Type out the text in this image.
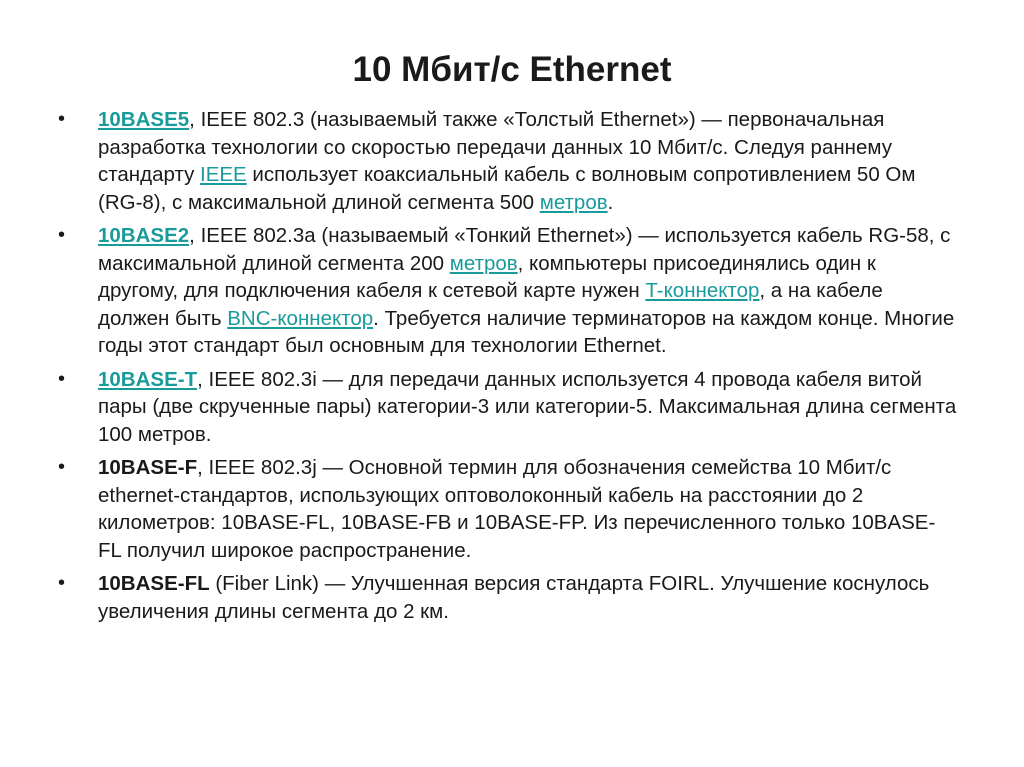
10 Мбит/с Ethernet
•	10BASE5, IEEE 802.3 (называемый также «Толстый Ethernet») — первоначальная разработка технологии со скоростью передачи данных 10 Мбит/с. Следуя раннему стандарту IEEE использует коаксиальный кабель с волновым сопротивлением 50 Ом (RG-8), с максимальной длиной сегмента 500 метров.
•	10BASE2, IEEE 802.3a (называемый «Тонкий Ethernet») — используется кабель RG-58, с максимальной длиной сегмента 200 метров, компьютеры присоединялись один к другому, для подключения кабеля к сетевой карте нужен T-коннектор, а на кабеле должен быть BNC-коннектор. Требуется наличие терминаторов на каждом конце. Многие годы этот стандарт был основным для технологии Ethernet.
•	10BASE-T, IEEE 802.3i — для передачи данных используется 4 провода кабеля витой пары (две скрученные пары) категории-3 или категории-5. Максимальная длина сегмента 100 метров.
•	10BASE-F, IEEE 802.3j — Основной термин для обозначения семейства 10 Мбит/с ethernet-стандартов, использующих оптоволоконный кабель на расстоянии до 2 километров: 10BASE-FL, 10BASE-FB и 10BASE-FP. Из перечисленного только 10BASE-FL получил широкое распространение.
•	10BASE-FL (Fiber Link) — Улучшенная версия стандарта FOIRL. Улучшение коснулось увеличения длины сегмента до 2 км.
